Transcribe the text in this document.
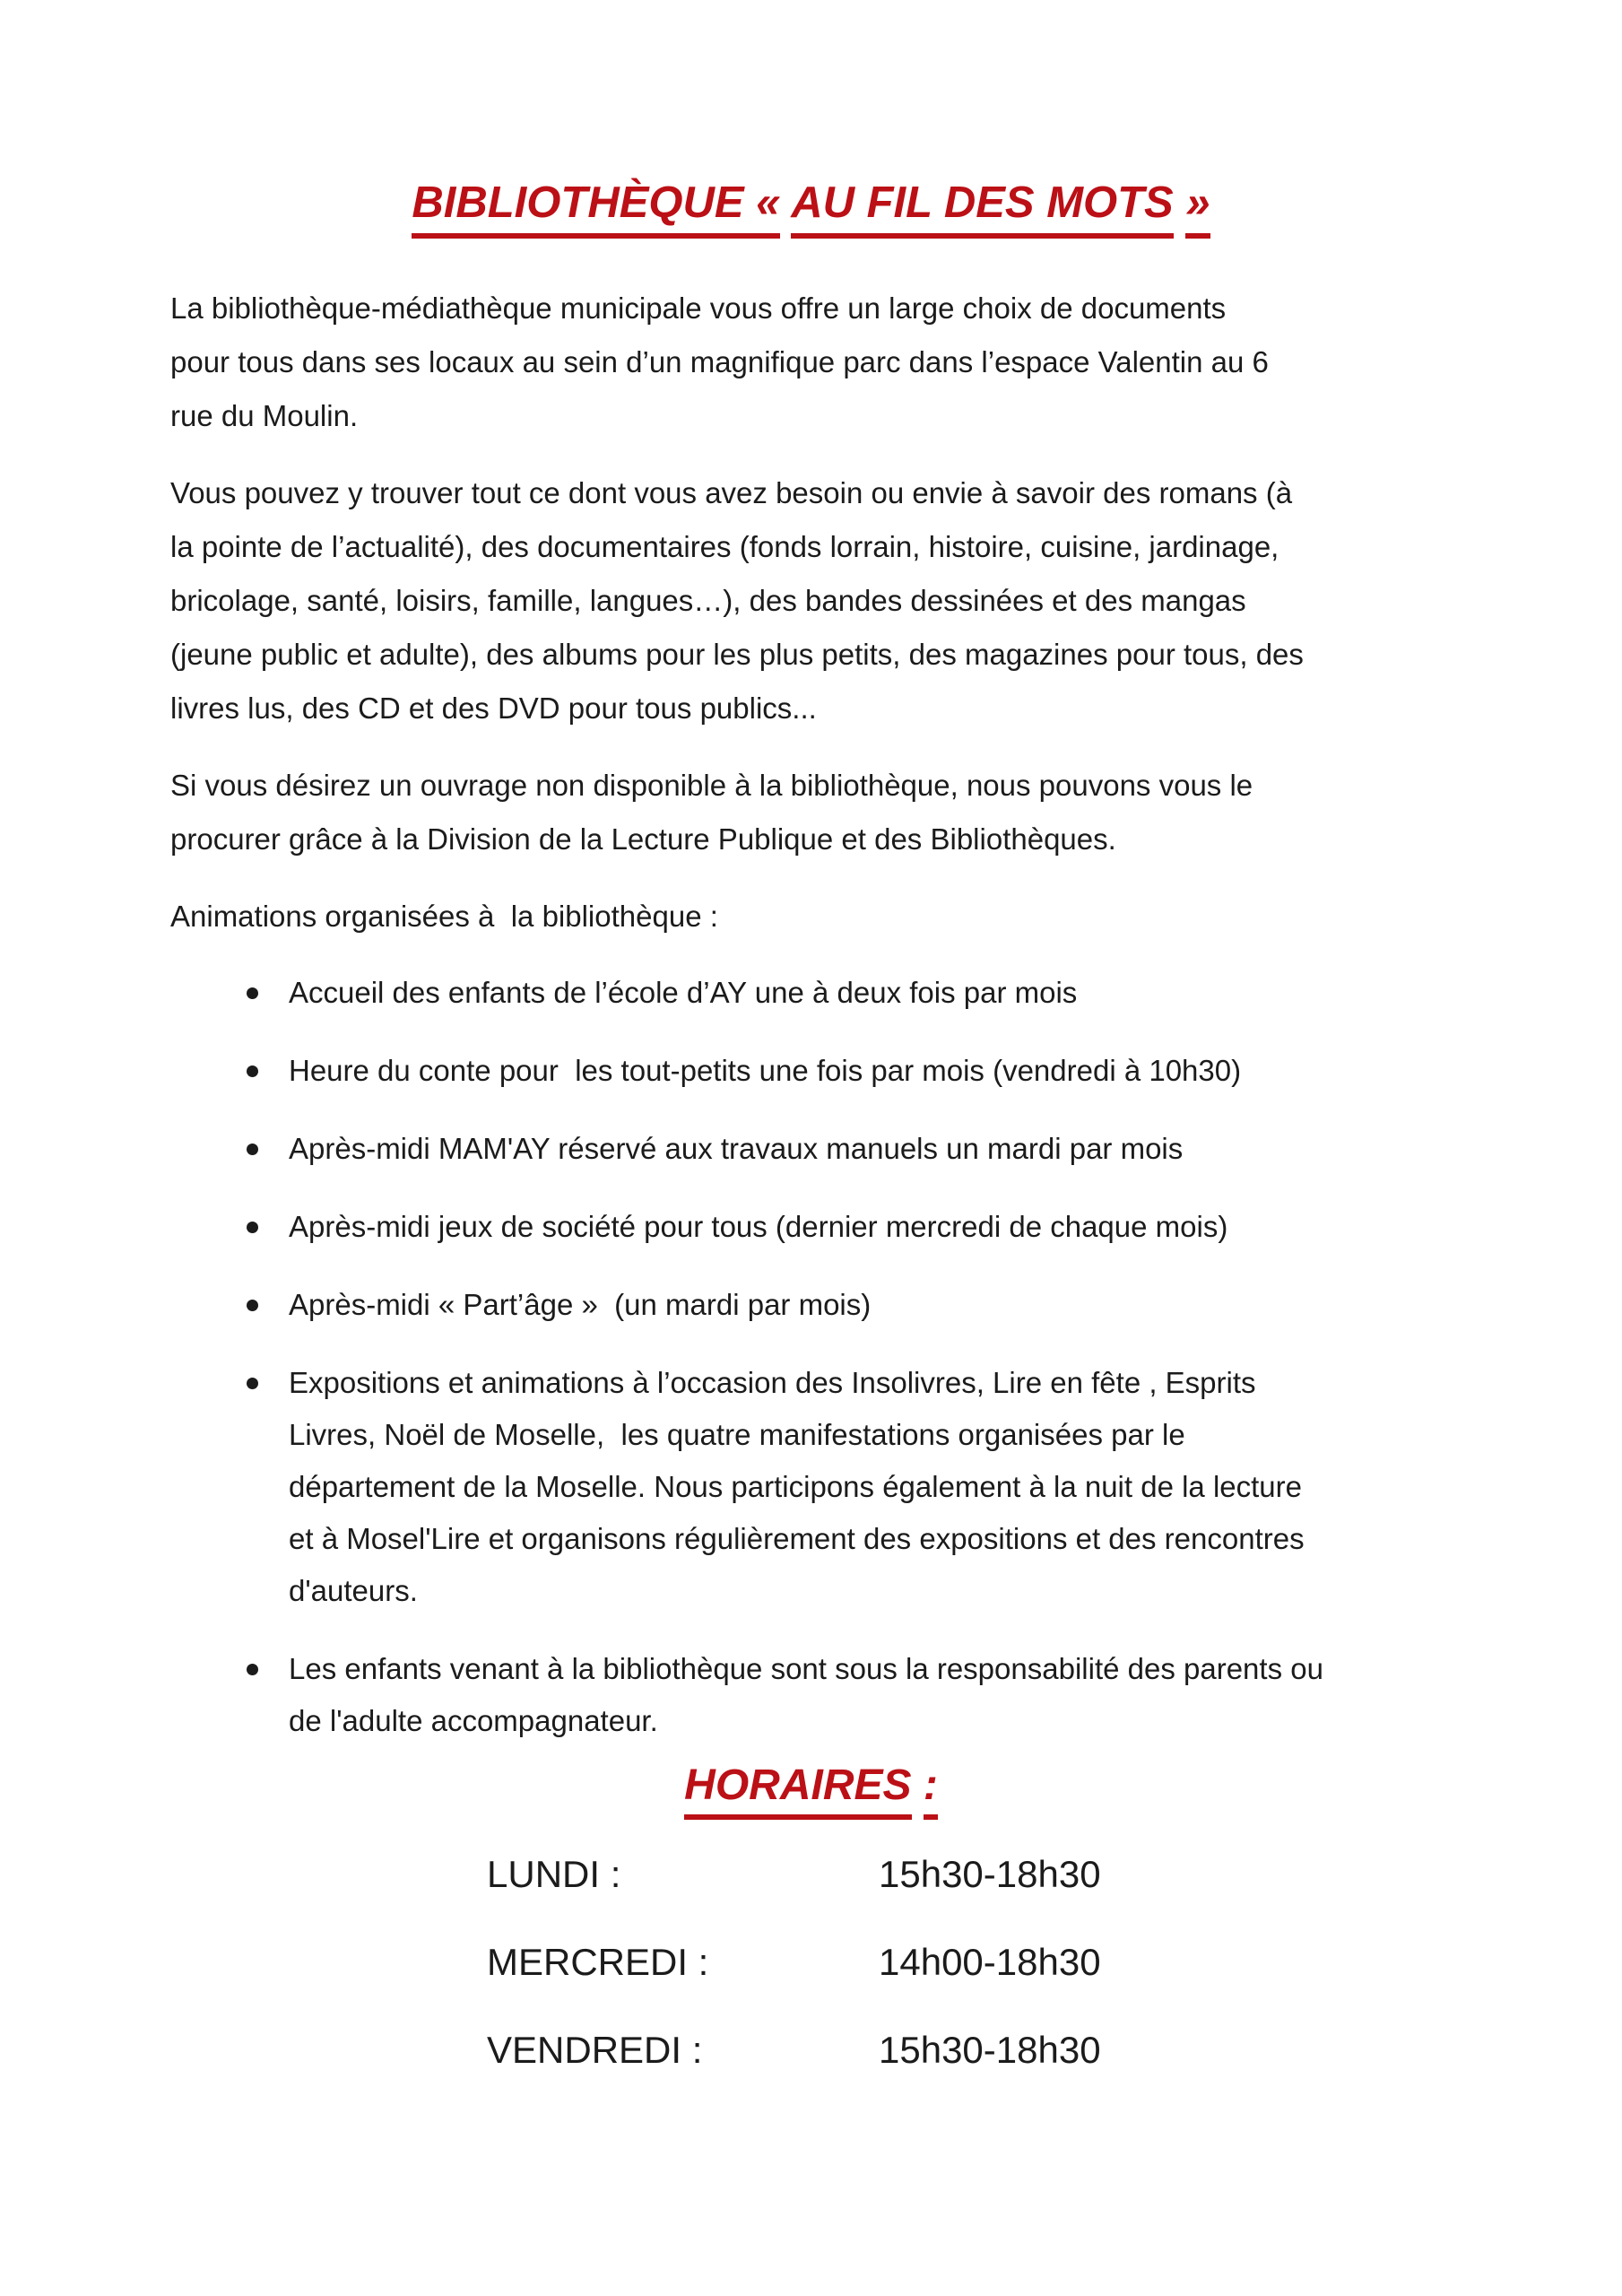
BIBLIOTHÈQUE « AU FIL DES MOTS »
La bibliothèque-médiathèque municipale vous offre un large choix de documents
pour tous dans ses locaux au sein d’un magnifique parc dans l’espace Valentin au 6
rue du Moulin.
Vous pouvez y trouver tout ce dont vous avez besoin ou envie à savoir des romans (à
la pointe de l’actualité), des documentaires (fonds lorrain, histoire, cuisine, jardinage,
bricolage, santé, loisirs, famille, langues…), des bandes dessinées et des mangas
(jeune public et adulte), des albums pour les plus petits, des magazines pour tous, des
livres lus, des CD et des DVD pour tous publics...
Si vous désirez un ouvrage non disponible à la bibliothèque, nous pouvons vous le
procurer grâce à la Division de la Lecture Publique et des Bibliothèques.
Animations organisées à  la bibliothèque :
Accueil des enfants de l’école d’AY une à deux fois par mois
Heure du conte pour  les tout-petits une fois par mois (vendredi à 10h30)
Après-midi MAM'AY réservé aux travaux manuels un mardi par mois
Après-midi jeux de société pour tous (dernier mercredi de chaque mois)
Après-midi « Part’âge »  (un mardi par mois)
Expositions et animations à l’occasion des Insolivres, Lire en fête , Esprits
Livres, Noël de Moselle,  les quatre manifestations organisées par le
département de la Moselle. Nous participons également à la nuit de la lecture
et à Mosel'Lire et organisons régulièrement des expositions et des rencontres
d'auteurs.
Les enfants venant à la bibliothèque sont sous la responsabilité des parents ou
de l'adulte accompagnateur.
HORAIRES :
LUNDI :	15h30-18h30
MERCREDI :	14h00-18h30
VENDREDI :	15h30-18h30
